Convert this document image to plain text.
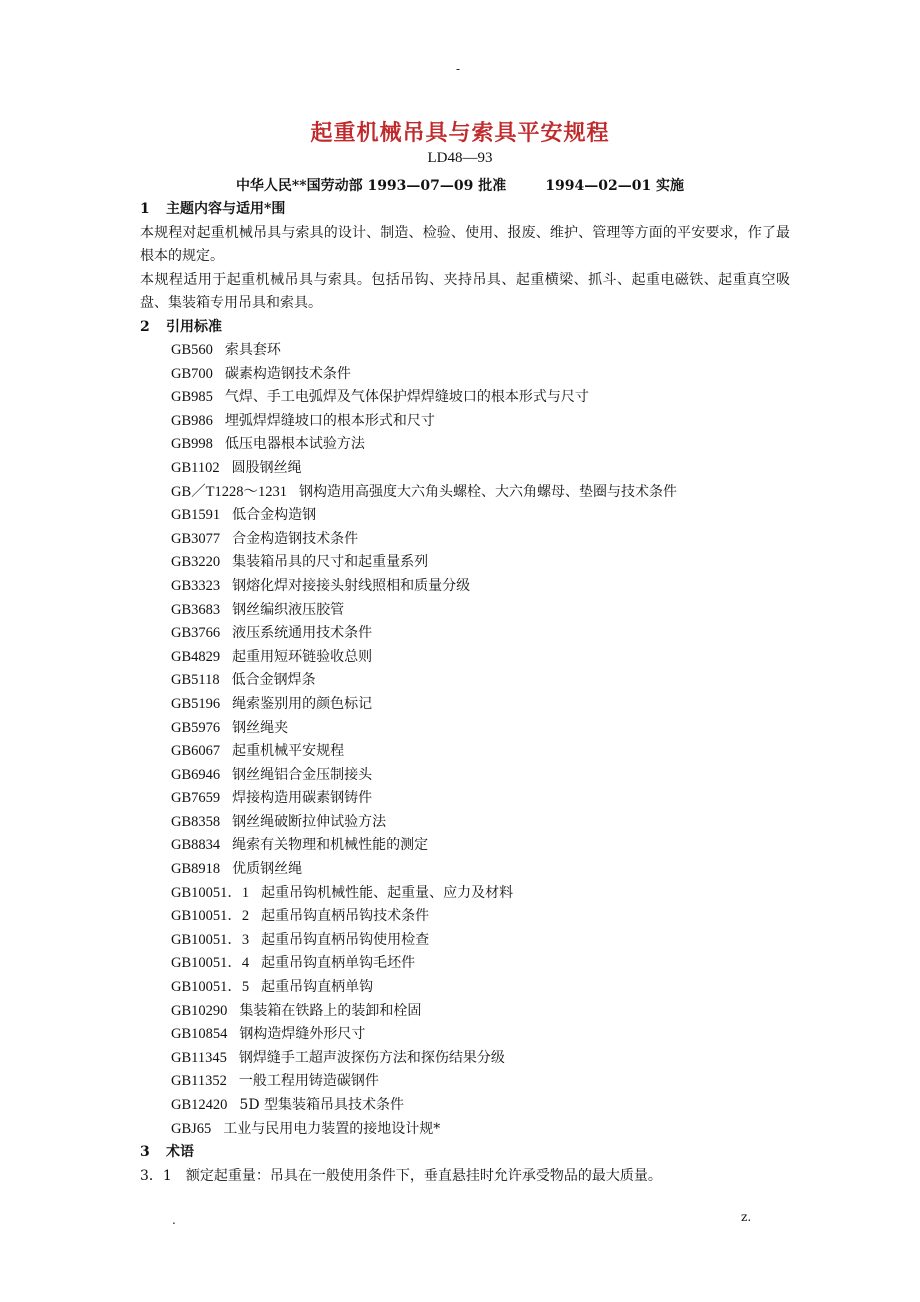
-
起重机械吊具与索具平安规程
LD48—93
中华人民**国劳动部 1993—07—09 批准        1994—02—01 实施
1 主题内容与适用*围
本规程对起重机械吊具与索具的设计、制造、检验、使用、报废、维护、管理等方面的平安要求，作了最根本的规定。
本规程适用于起重机械吊具与索具。包括吊钩、夹持吊具、起重横梁、抓斗、起重电磁铁、起重真空吸盘、集装箱专用吊具和索具。
2 引用标准
GB560 索具套环
GB700 碳素构造钢技术条件
GB985 气焊、手工电弧焊及气体保护焊焊缝坡口的根本形式与尺寸
GB986 埋弧焊焊缝坡口的根本形式和尺寸
GB998 低压电器根本试验方法
GB1102 圆股钢丝绳
GB／T1228～1231 钢构造用高强度大六角头螺栓、大六角螺母、垫圈与技术条件
GB1591 低合金构造钢
GB3077 合金构造钢技术条件
GB3220 集装箱吊具的尺寸和起重量系列
GB3323 钢熔化焊对接接头射线照相和质量分级
GB3683 钢丝编织液压胶管
GB3766 液压系统通用技术条件
GB4829 起重用短环链验收总则
GB5118 低合金钢焊条
GB5196 绳索鉴别用的颜色标记
GB5976 钢丝绳夹
GB6067 起重机械平安规程
GB6946 钢丝绳铝合金压制接头
GB7659 焊接构造用碳素钢铸件
GB8358 钢丝绳破断拉伸试验方法
GB8834 绳索有关物理和机械性能的测定
GB8918 优质钢丝绳
GB10051．1 起重吊钩机械性能、起重量、应力及材料
GB10051．2 起重吊钩直柄吊钩技术条件
GB10051．3 起重吊钩直柄吊钩使用检查
GB10051．4 起重吊钩直柄单钩毛坯件
GB10051．5 起重吊钩直柄单钩
GB10290 集装箱在铁路上的装卸和栓固
GB10854 钢构造焊缝外形尺寸
GB11345 钢焊缝手工超声波探伤方法和探伤结果分级
GB11352 一般工程用铸造碳钢件
GB12420 5D 型集装箱吊具技术条件
GBJ65 工业与民用电力装置的接地设计规*
3 术语
3．1 额定起重量：吊具在一般使用条件下，垂直悬挂时允许承受物品的最大质量。
.	z.
